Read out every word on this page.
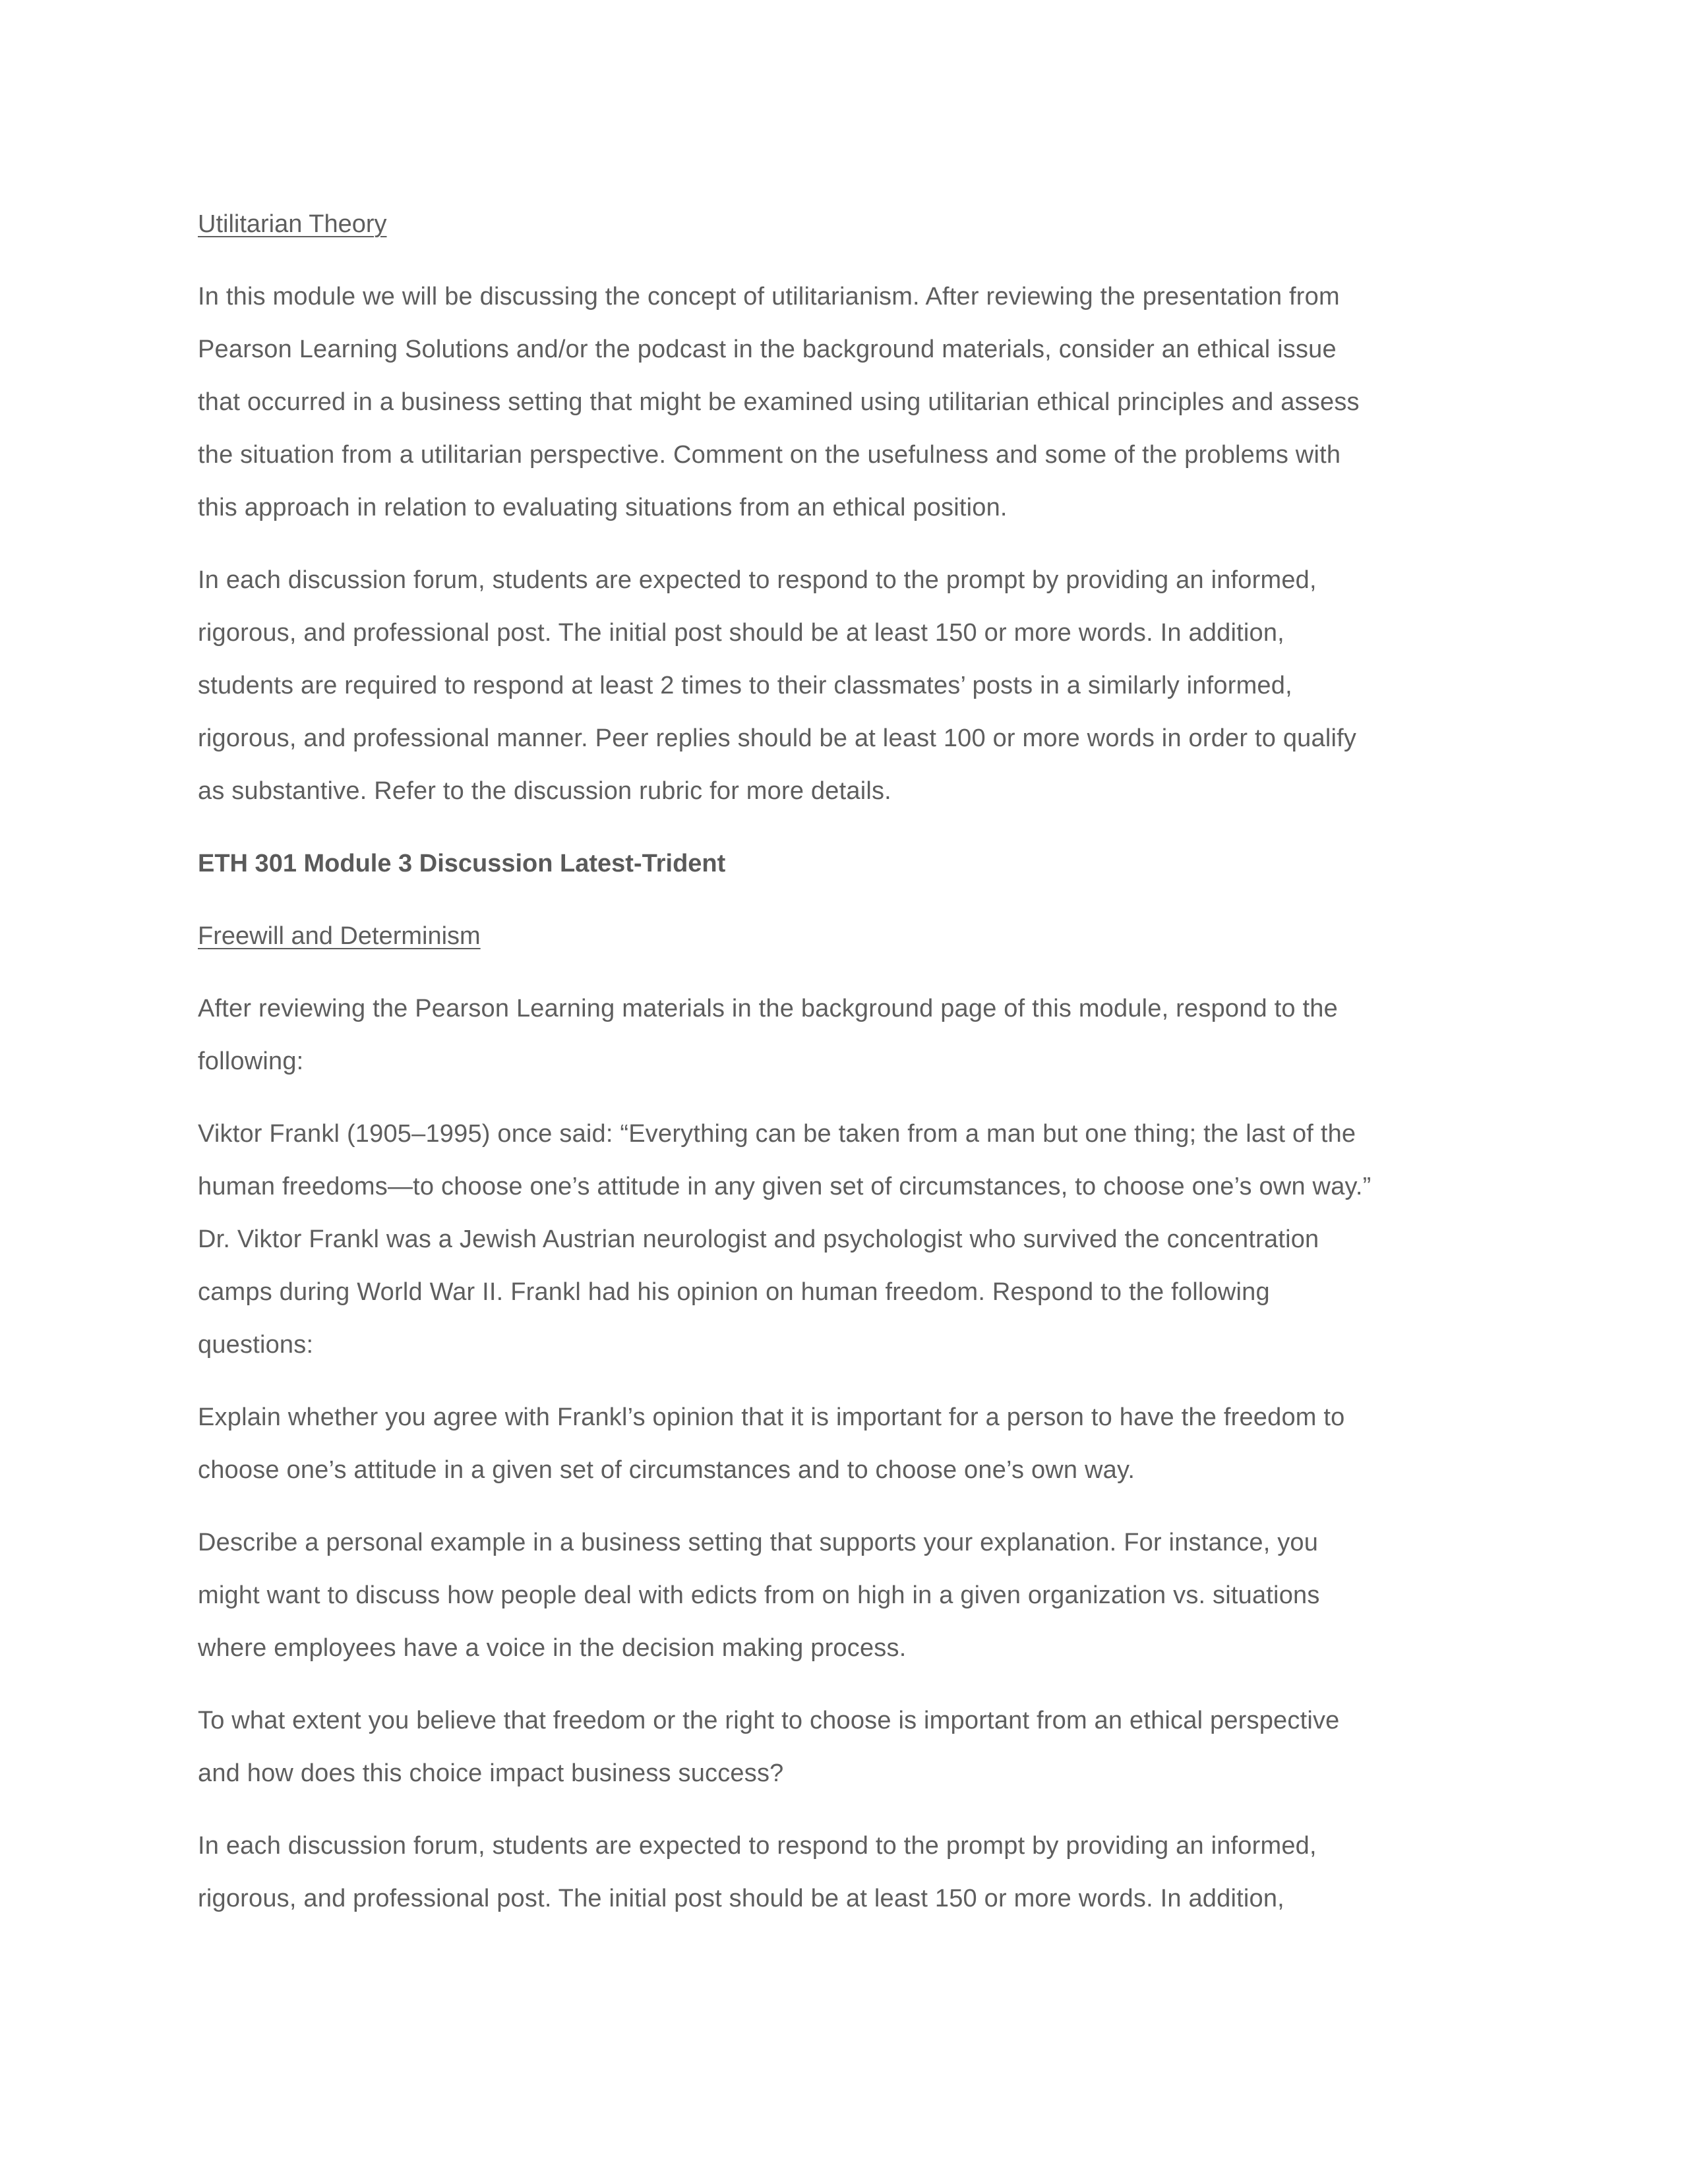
Utilitarian Theory
In this module we will be discussing the concept of utilitarianism. After reviewing the presentation from
Pearson Learning Solutions and/or the podcast in the background materials, consider an ethical issue
that occurred in a business setting that might be examined using utilitarian ethical principles and assess
the situation from a utilitarian perspective. Comment on the usefulness and some of the problems with
this approach in relation to evaluating situations from an ethical position.
In each discussion forum, students are expected to respond to the prompt by providing an informed,
rigorous, and professional post. The initial post should be at least 150 or more words. In addition,
students are required to respond at least 2 times to their classmates’ posts in a similarly informed,
rigorous, and professional manner. Peer replies should be at least 100 or more words in order to qualify
as substantive. Refer to the discussion rubric for more details.
ETH 301 Module 3 Discussion Latest-Trident
Freewill and Determinism
After reviewing the Pearson Learning materials in the background page of this module, respond to the
following:
Viktor Frankl (1905–1995) once said: “Everything can be taken from a man but one thing; the last of the
human freedoms—to choose one’s attitude in any given set of circumstances, to choose one’s own way.”
Dr. Viktor Frankl was a Jewish Austrian neurologist and psychologist who survived the concentration
camps during World War II. Frankl had his opinion on human freedom. Respond to the following
questions:
Explain whether you agree with Frankl’s opinion that it is important for a person to have the freedom to
choose one’s attitude in a given set of circumstances and to choose one’s own way.
Describe a personal example in a business setting that supports your explanation. For instance, you
might want to discuss how people deal with edicts from on high in a given organization vs. situations
where employees have a voice in the decision making process.
To what extent you believe that freedom or the right to choose is important from an ethical perspective
and how does this choice impact business success?
In each discussion forum, students are expected to respond to the prompt by providing an informed,
rigorous, and professional post. The initial post should be at least 150 or more words. In addition,
